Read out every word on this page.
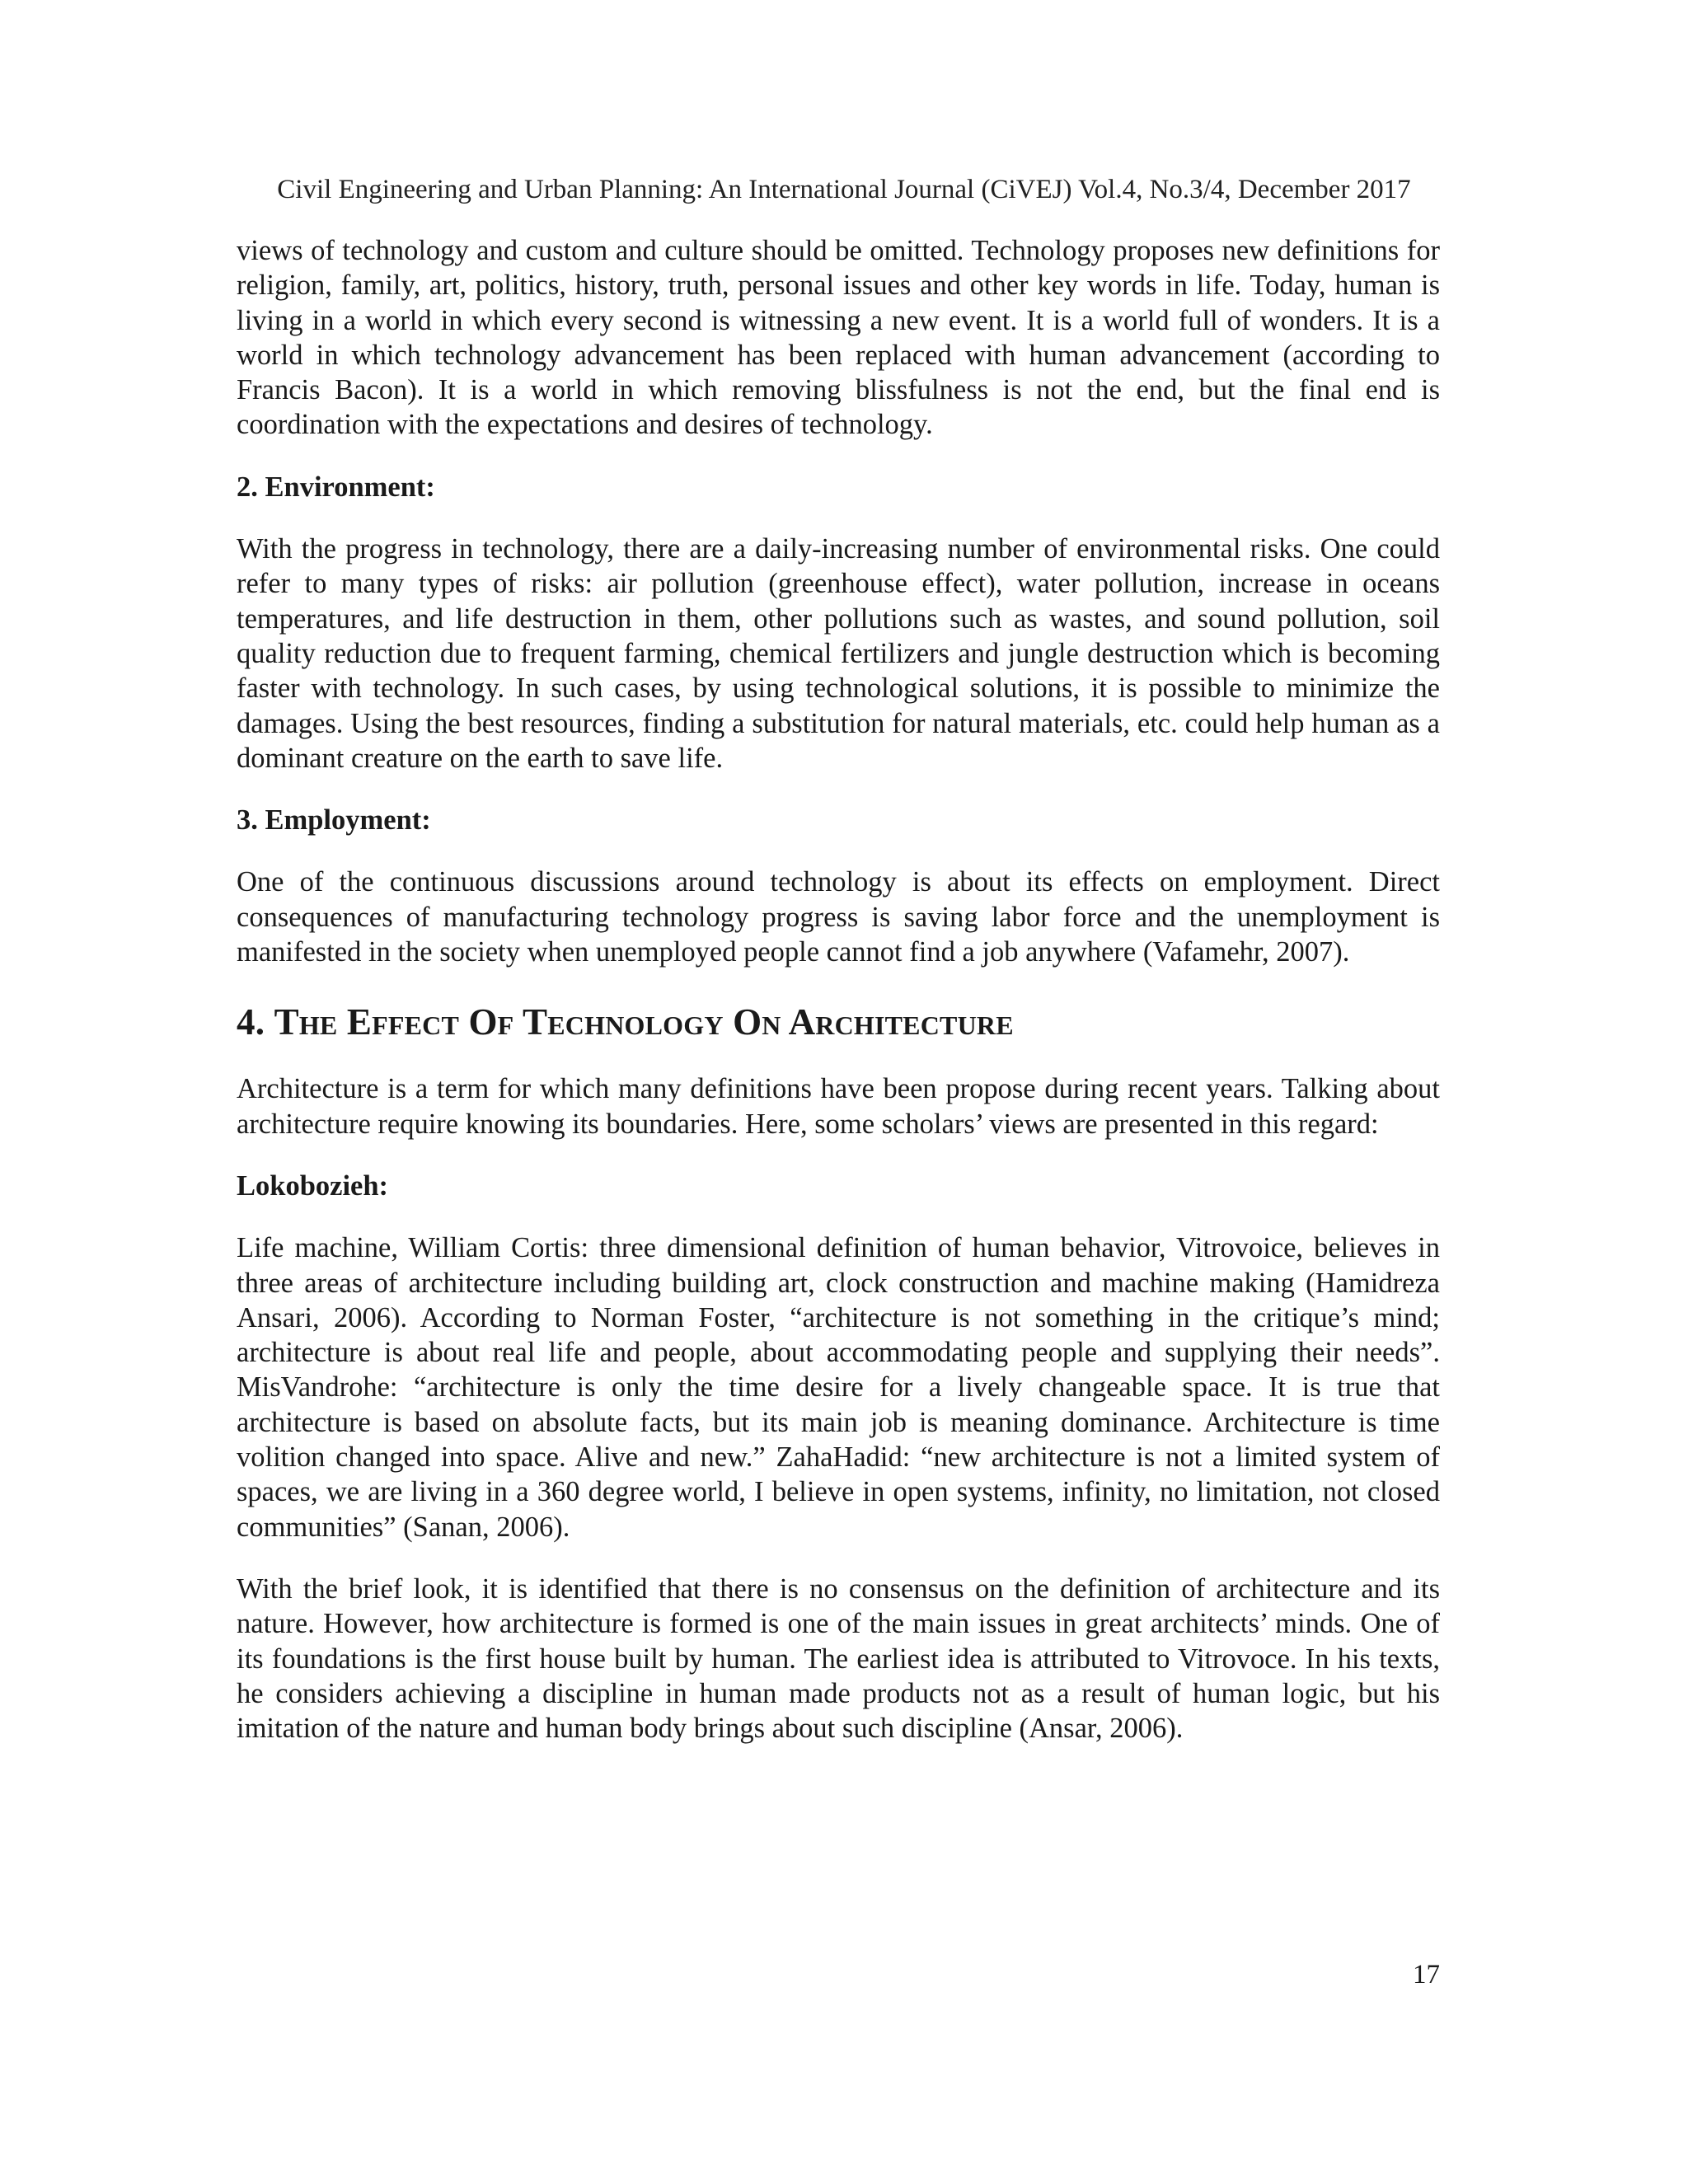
Civil Engineering and Urban Planning: An International Journal (CiVEJ) Vol.4, No.3/4, December 2017

views of technology and custom and culture should be omitted. Technology proposes new definitions for religion, family, art, politics, history, truth, personal issues and other key words in life. Today, human is living in a world in which every second is witnessing a new event. It is a world full of wonders. It is a world in which technology advancement has been replaced with human advancement (according to Francis Bacon). It is a world in which removing blissfulness is not the end, but the final end is coordination with the expectations and desires of technology.

2. Environment:

With the progress in technology, there are a daily-increasing number of environmental risks. One could refer to many types of risks: air pollution (greenhouse effect), water pollution, increase in oceans temperatures, and life destruction in them, other pollutions such as wastes, and sound pollution, soil quality reduction due to frequent farming, chemical fertilizers and jungle destruction which is becoming faster with technology. In such cases, by using technological solutions, it is possible to minimize the damages. Using the best resources, finding a substitution for natural materials, etc. could help human as a dominant creature on the earth to save life.

3. Employment:

One of the continuous discussions around technology is about its effects on employment. Direct consequences of manufacturing technology progress is saving labor force and the unemployment is manifested in the society when unemployed people cannot find a job anywhere (Vafamehr, 2007).

4. The Effect Of Technology On Architecture

Architecture is a term for which many definitions have been propose during recent years. Talking about architecture require knowing its boundaries. Here, some scholars’ views are presented in this regard:

Lokobozieh:

Life machine, William Cortis: three dimensional definition of human behavior, Vitrovoice, believes in three areas of architecture including building art, clock construction and machine making (Hamidreza Ansari, 2006). According to Norman Foster, “architecture is not something in the critique’s mind; architecture is about real life and people, about accommodating people and supplying their needs”. MisVandrohe: “architecture is only the time desire for a lively changeable space. It is true that architecture is based on absolute facts, but its main job is meaning dominance. Architecture is time volition changed into space. Alive and new.” ZahaHadid: “new architecture is not a limited system of spaces, we are living in a 360 degree world, I believe in open systems, infinity, no limitation, not closed communities” (Sanan, 2006).

With the brief look, it is identified that there is no consensus on the definition of architecture and its nature. However, how architecture is formed is one of the main issues in great architects’ minds. One of its foundations is the first house built by human. The earliest idea is attributed to Vitrovoce. In his texts, he considers achieving a discipline in human made products not as a result of human logic, but his imitation of the nature and human body brings about such discipline (Ansar, 2006).

17
